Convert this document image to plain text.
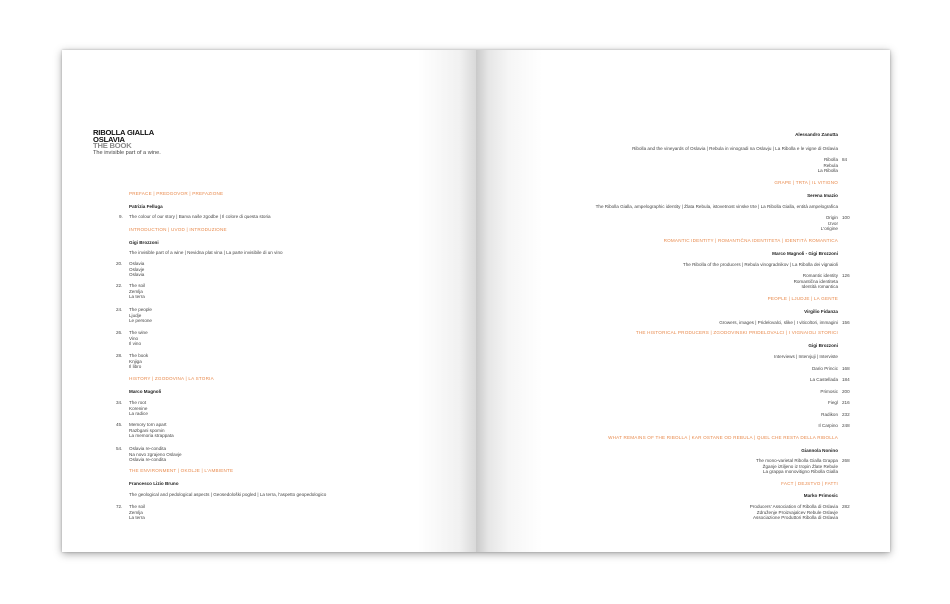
RIBOLLA GIALLA
OSLAVIA
THE BOOK
The invisible part of a wine.
PREFACE | PREDGOVOR | PREFAZIONE
Patrizia Felluga
9. The colour of our story | Barva naše zgodbe | Il colore di questa storia
INTRODUCTION | UVOD | INTRODUZIONE
Gigi Brozzoni
The invisible part of a wine | Nevidna plat vina | La parte invisibile di un vino
20. Oslavia
Oslavje
Oslavia
22. The soil
Zemlja
La terra
24. The people
Ljudje
Le persone
26. The wine
Vino
Il vino
28. The book
Knjiga
Il libro
HISTORY | ZGODOVINA | LA STORIA
Marco Magnoli
34. The root
Korenine
La radice
45. Memory torn apart
Razbgani spomin
La memoria strappata
54. Oslavia re-condita
Na novo zgrajeno Oslavje
Oslavia re-condita
THE ENVIRONMENT | OKOLJE | L'AMBIENTE
Francesco Lizio Bruno
The geological and pedological aspects | Geosedološki pogled | La terra, l'aspetto geopedologico
72. The soil
Zemlja
La terra
Alessandro Zanutta
Ribolla and the vineyards of Oslavia | Rebula in vinogradi na Oslavju | La Ribolla e le vigne di Oslavia
Ribolla
Rebula
La Ribolla
84
GRAPE | TRTA | IL VITIGNO
Serena Imazio
The Ribolla Gialla, ampelographic identity | Žlata Rebula, istovetnost vinske trte | La Ribolla Gialla, entità ampelografica
Origin
Izvor
L'origine
100
ROMANTIC IDENTITY | ROMANTIČNA IDENTITETA | IDENTITÀ ROMANTICA
Marco Magnoli - Gigi Brozzoni
The Ribolla of the producers | Rebula vinogradnikov | La Ribolla dei vignaioli
Romantic identity
Romantična identiteta
Identità romantica
126
PEOPLE | LJUDJE | LA GENTE
Virgilio Fidanza
Growers, images | Pridelovalci, slike | I viticoltori, immagini 156
THE HISTORICAL PRODUCERS | ZGODOVINSKI PRIDELOVALCI | I VIGNAIOLI STORICI
Gigi Brozzoni
Interviews | Intervjuji | Interviste
Dario Princic 168
La Castellada 184
Primosic 200
Fiegl 216
Radikon 232
Il Carpino 248
WHAT REMAINS OF THE RIBOLLA | KAR OSTANE OD REBULA | QUEL CHE RESTA DELLA RIBOLLA
Giannola Nonino
The mono-varietal Ribolla Gialla Grappa
Žganje iztiljeno iz tropin Žlate Rebule
La grappa monovitigno Ribolla Gialla
268
FACT | DEJSTVO | FATTI
Marko Primosic
Producers' Association of Ribolla di Oslavia
Združenje Proizvajalcev Rebule Oslavje
Associazione Produttori Ribolla di Oslavia
282
